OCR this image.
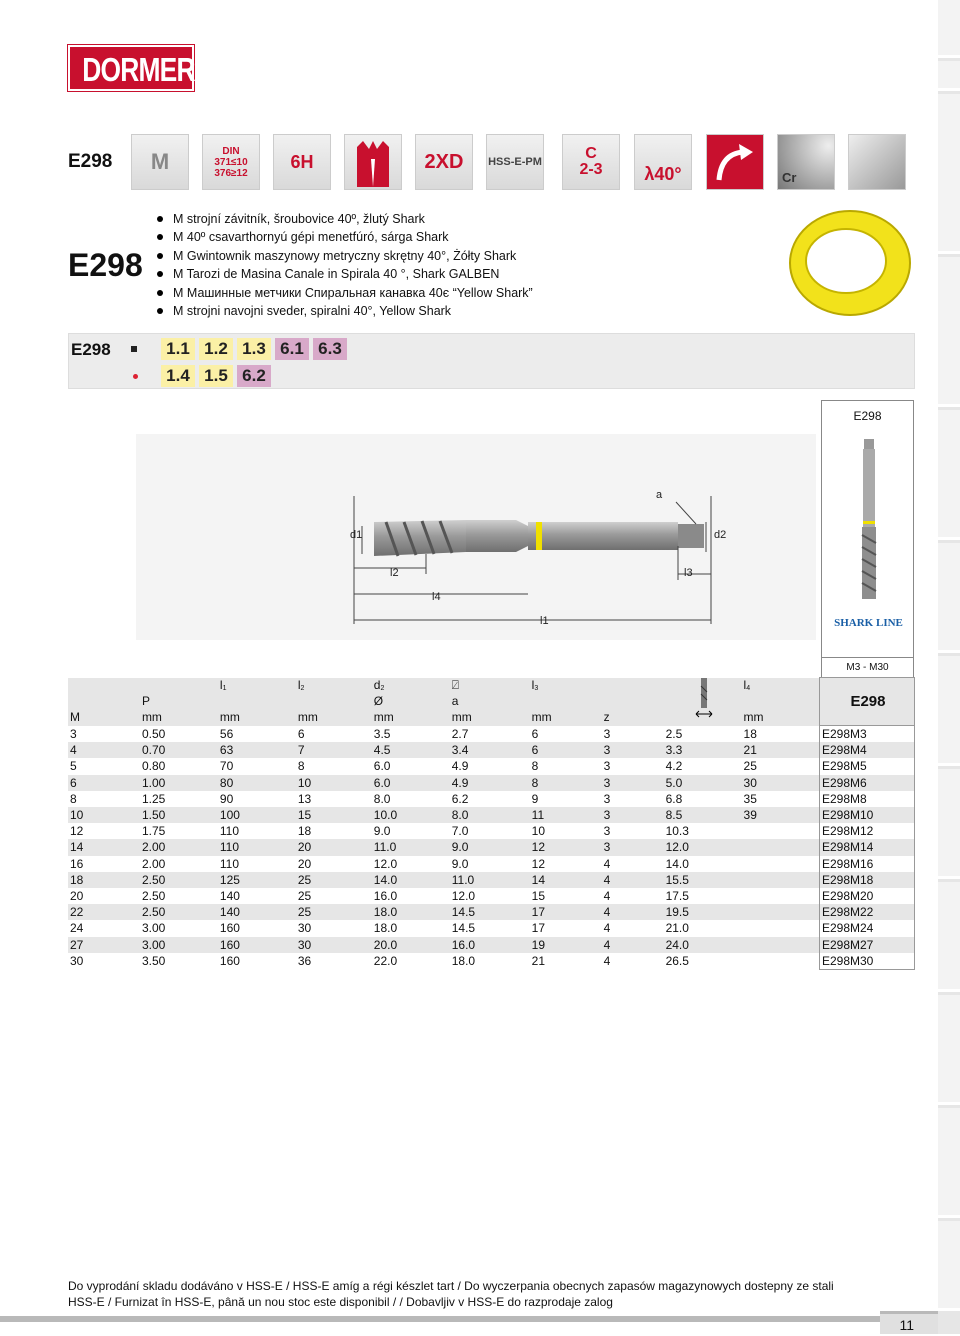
DORMER
E298 M	DIN 371≤10 376≥12
6H	2XD HSS-E-PM	C 2-3 λ40°	Cr
E298
M strojní závitník, šroubovice 40º, žlutý Shark
M 40º csavarthornyú gépi menetfúró, sárga Shark
M Gwintownik maszynowy metryczny skrętny 40°, Żółty Shark
M Tarozi de Masina Canale in Spirala 40 °, Shark GALBEN
M Машинные метчики Спиральная канавка 40є “Yellow Shark”
M strojni navojni sveder, spiralni 40°, Yellow Shark
E298	1.1 1.2 1.3 6.1 6.3
1.4 1.5 6.2
a
d1	d2
l2	l3
l4
l1
E298
SHARK LINE
M3 - M30
		$l_1$	$l_2$	$d_2$	⍁	$l_3$			$l_4$	E298
	P			Ø	a					
M	mm	mm	mm	mm	mm	mm	z		mm	
3	0.50	56	6	3.5	2.7	6	3	2.5	18	E298M3
4	0.70	63	7	4.5	3.4	6	3	3.3	21	E298M4
5	0.80	70	8	6.0	4.9	8	3	4.2	25	E298M5
6	1.00	80	10	6.0	4.9	8	3	5.0	30	E298M6
8	1.25	90	13	8.0	6.2	9	3	6.8	35	E298M8
10	1.50	100	15	10.0	8.0	11	3	8.5	39	E298M10
12	1.75	110	18	9.0	7.0	10	3	10.3		E298M12
14	2.00	110	20	11.0	9.0	12	3	12.0		E298M14
16	2.00	110	20	12.0	9.0	12	4	14.0		E298M16
18	2.50	125	25	14.0	11.0	14	4	15.5		E298M18
20	2.50	140	25	16.0	12.0	15	4	17.5		E298M20
22	2.50	140	25	18.0	14.5	17	4	19.5		E298M22
24	3.00	160	30	18.0	14.5	17	4	21.0		E298M24
27	3.00	160	30	20.0	16.0	19	4	24.0		E298M27
30	3.50	160	36	22.0	18.0	21	4	26.5		E298M30
Do vyprodání skladu dodáváno v HSS-E / HSS-E amíg a régi készlet tart / Do wyczerpania obecnych zapasów magazynowych dostepny ze stali
HSS-E / Furnizat în HSS-E, până un nou stoc este disponibil / / Dobavljiv v HSS-E do razprodaje zalog
11
